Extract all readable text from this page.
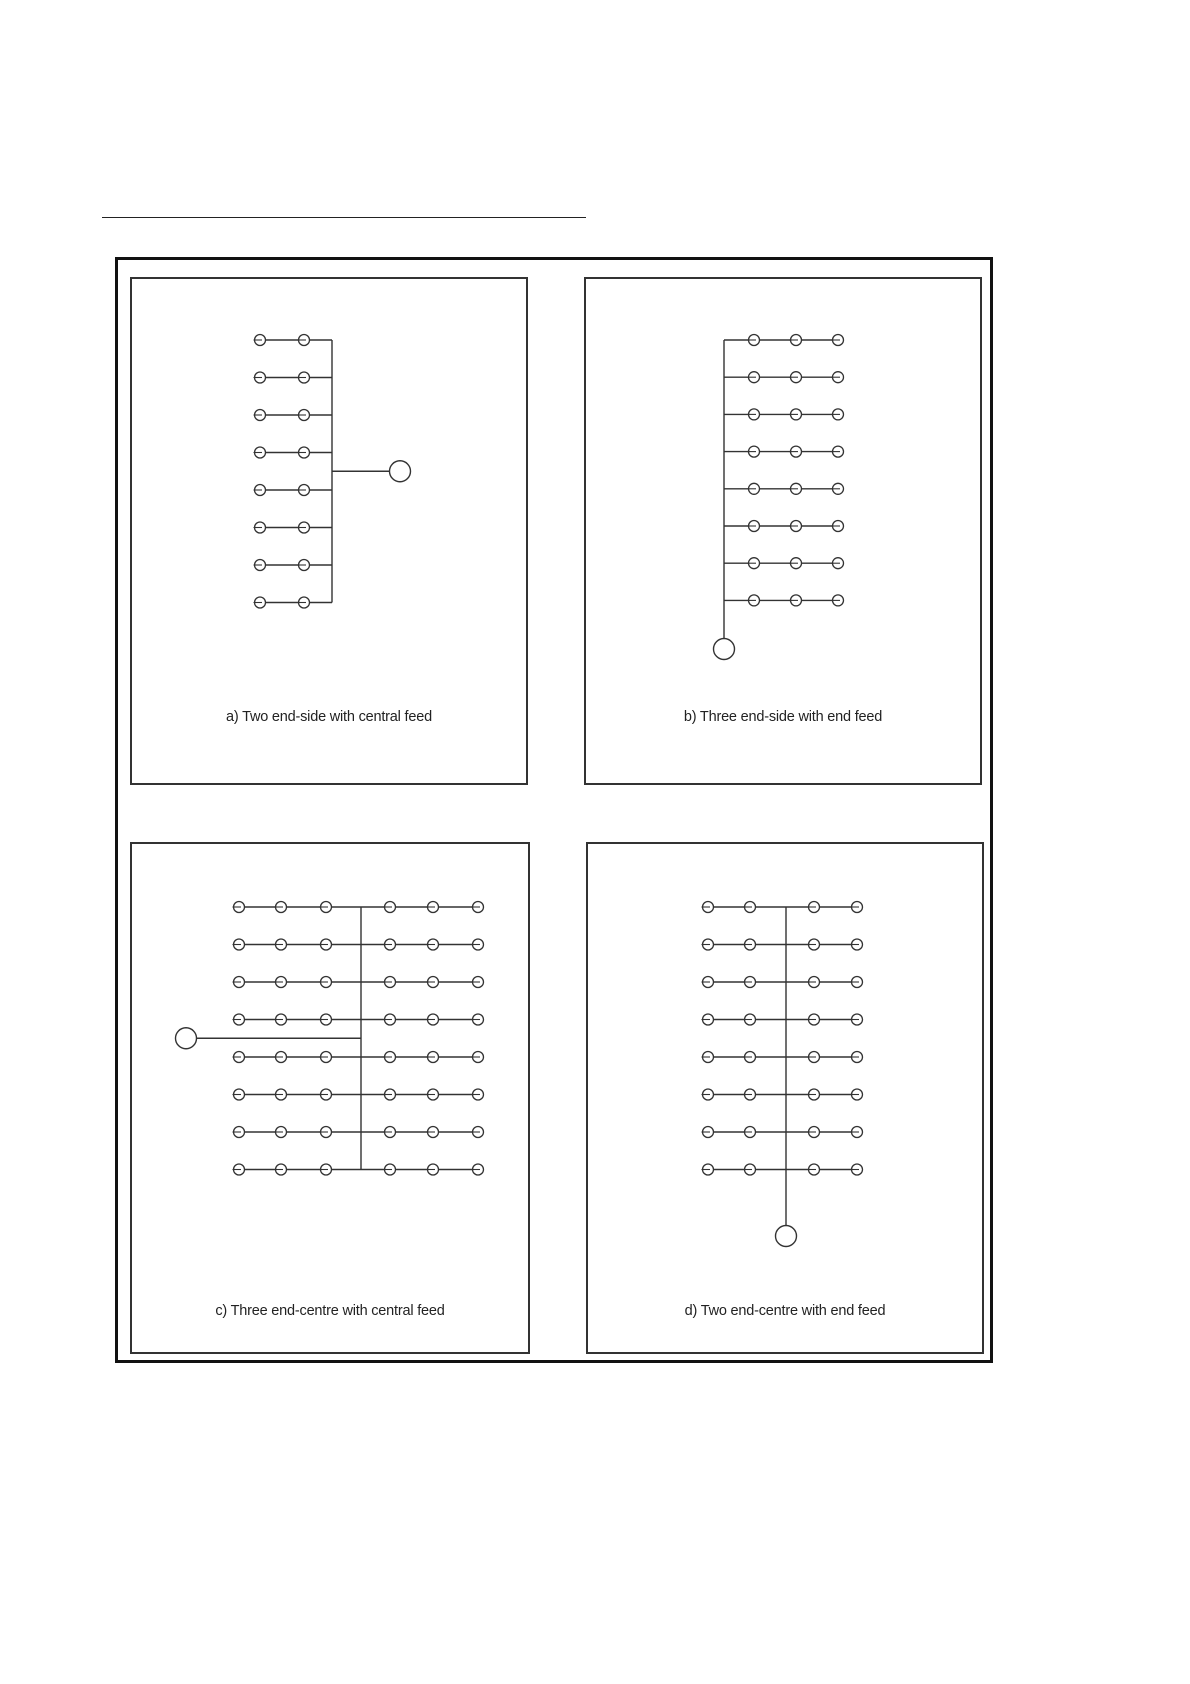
a) Two end-side with central feed	b) Three end-side with end feed
c) Three end-centre with central feed	d) Two end-centre with end feed
